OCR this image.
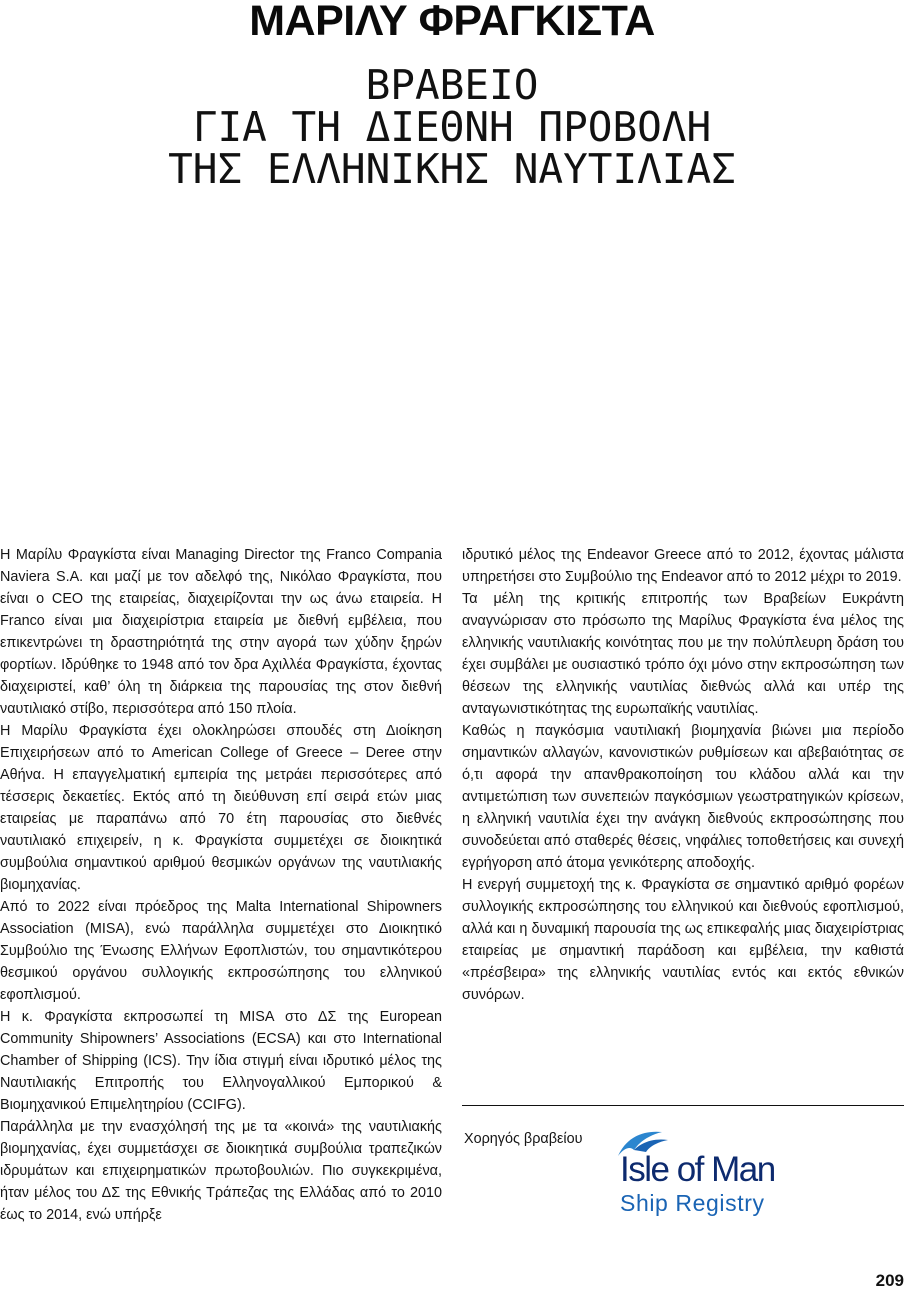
ΜΑΡΙΛΥ ΦΡΑΓΚΙΣΤΑ
ΒΡΑΒΕΙΟ
ΓΙΑ ΤΗ ΔΙΕΘΝΗ ΠΡΟΒΟΛΗ
ΤΗΣ ΕΛΛΗΝΙΚΗΣ ΝΑΥΤΙΛΙΑΣ

Η Μαρίλυ Φραγκίστα είναι Managing Director της Franco Compania Naviera S.A. και μαζί με τον αδελφό της, Νικόλαο Φραγκίστα, που είναι ο CEO της εταιρείας, διαχειρίζονται την ως άνω εταιρεία. Η Franco είναι μια διαχειρίστρια εταιρεία με διεθνή εμβέλεια, που επικεντρώνει τη δραστηριότητά της στην αγορά των χύδην ξηρών φορτίων. Ιδρύθηκε το 1948 από τον δρα Αχιλλέα Φραγκίστα, έχοντας διαχειριστεί, καθ’ όλη τη διάρκεια της παρουσίας της στον διεθνή ναυτιλιακό στίβο, περισσότερα από 150 πλοία.

Η Μαρίλυ Φραγκίστα έχει ολοκληρώσει σπουδές στη Διοίκηση Επιχειρήσεων από το American College of Greece – Deree στην Αθήνα. Η επαγγελματική εμπειρία της μετράει περισσότερες από τέσσερις δεκαετίες. Εκτός από τη διεύθυνση επί σειρά ετών μιας εταιρείας με παραπάνω από 70 έτη παρουσίας στο διεθνές ναυτιλιακό επιχειρείν, η κ. Φραγκίστα συμμετέχει σε διοικητικά συμβούλια σημαντικού αριθμού θεσμικών οργάνων της ναυτιλιακής βιομηχανίας.

Από το 2022 είναι πρόεδρος της Malta International Shipowners Association (MISA), ενώ παράλληλα συμμετέχει στο Διοικητικό Συμβούλιο της Ένωσης Ελλήνων Εφοπλιστών, του σημαντικότερου θεσμικού οργάνου συλλογικής εκπροσώπησης του ελληνικού εφοπλισμού.

Η κ. Φραγκίστα εκπροσωπεί τη MISA στο ΔΣ της European Community Shipowners’ Associations (ECSA) και στο International Chamber of Shipping (ICS). Την ίδια στιγμή είναι ιδρυτικό μέλος της Ναυτιλιακής Επιτροπής του Ελληνογαλλικού Εμπορικού & Βιομηχανικού Επιμελητηρίου (CCIFG).

Παράλληλα με την ενασχόλησή της με τα «κοινά» της ναυτιλιακής βιομηχανίας, έχει συμμετάσχει σε διοικητικά συμβούλια τραπεζικών ιδρυμάτων και επιχειρηματικών πρωτοβουλιών. Πιο συγκεκριμένα, ήταν μέλος του ΔΣ της Εθνικής Τράπεζας της Ελλάδας από το 2010 έως το 2014, ενώ υπήρξε

ιδρυτικό μέλος της Endeavor Greece από το 2012, έχοντας μάλιστα υπηρετήσει στο Συμβούλιο της Endeavor από το 2012 μέχρι το 2019.

Τα μέλη της κριτικής επιτροπής των Βραβείων Ευκράντη αναγνώρισαν στο πρόσωπο της Μαρίλυς Φραγκίστα ένα μέλος της ελληνικής ναυτιλιακής κοινότητας που με την πολύπλευρη δράση του έχει συμβάλει με ουσιαστικό τρόπο όχι μόνο στην εκπροσώπηση των θέσεων της ελληνικής ναυτιλίας διεθνώς αλλά και υπέρ της ανταγωνιστικότητας της ευρωπαϊκής ναυτιλίας.

Καθώς η παγκόσμια ναυτιλιακή βιομηχανία βιώνει μια περίοδο σημαντικών αλλαγών, κανονιστικών ρυθμίσεων και αβεβαιότητας σε ό,τι αφορά την απανθρακοποίηση του κλάδου αλλά και την αντιμετώπιση των συνεπειών παγκόσμιων γεωστρατηγικών κρίσεων, η ελληνική ναυτιλία έχει την ανάγκη διεθνούς εκπροσώπησης που συνοδεύεται από σταθερές θέσεις, νηφάλιες τοποθετήσεις και συνεχή εγρήγορση από άτομα γενικότερης αποδοχής.

Η ενεργή συμμετοχή της κ. Φραγκίστα σε σημαντικό αριθμό φορέων συλλογικής εκπροσώπησης του ελληνικού και διεθνούς εφοπλισμού, αλλά και η δυναμική παρουσία της ως επικεφαλής μιας διαχειρίστριας εταιρείας με σημαντική παράδοση και εμβέλεια, την καθιστά «πρέσβειρα» της ελληνικής ναυτιλίας εντός και εκτός εθνικών συνόρων.

Χορηγός βραβείου
Isle of Man
Ship Registry
209
